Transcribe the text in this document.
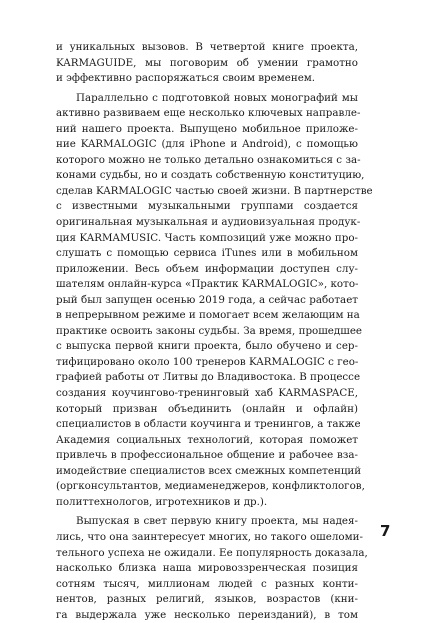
и уникальных вызовов. В четвертой книге проекта,
KARMAGUIDE, мы поговорим об умении грамотно
и эффективно распоряжаться своим временем.
Параллельно с подготовкой новых монографий мы
активно развиваем еще несколько ключевых направле-
ний нашего проекта. Выпущено мобильное приложе-
ние KARMALOGIC (для iPhone и Android), с помощью
которого можно не только детально ознакомиться с за-
конами судьбы, но и создать собственную конституцию,
сделав KARMALOGIC частью своей жизни. В партнерстве
с известными музыкальными группами создается
оригинальная музыкальная и аудиовизуальная продук-
ция KARMAMUSIC. Часть композиций уже можно про-
слушать с помощью сервиса iTunes или в мобильном
приложении. Весь объем информации доступен слу-
шателям онлайн-курса «Практик KARMALOGIC», кото-
рый был запущен осенью 2019 года, а сейчас работает
в непрерывном режиме и помогает всем желающим на
практике освоить законы судьбы. За время, прошедшее
с выпуска первой книги проекта, было обучено и сер-
тифицировано около 100 тренеров KARMALOGIC с гео-
графией работы от Литвы до Владивостока. В процессе
создания коучингово-тренинговый хаб KARMASPACE,
который призван объединить (онлайн и офлайн)
специалистов в области коучинга и тренингов, а также
Академия социальных технологий, которая поможет
привлечь в профессиональное общение и рабочее вза-
имодействие специалистов всех смежных компетенций
(оргконсультантов, медиаменеджеров, конфликтологов,
политтехнологов, игротехников и др.).
Выпуская в свет первую книгу проекта, мы надея-
лись, что она заинтересует многих, но такого ошеломи-
тельного успеха не ожидали. Ее популярность доказала,
насколько близка наша мировоззренческая позиция
сотням тысяч, миллионам людей с разных конти-
нентов, разных религий, языков, возрастов (кни-
га выдержала уже несколько переизданий), в том
7
